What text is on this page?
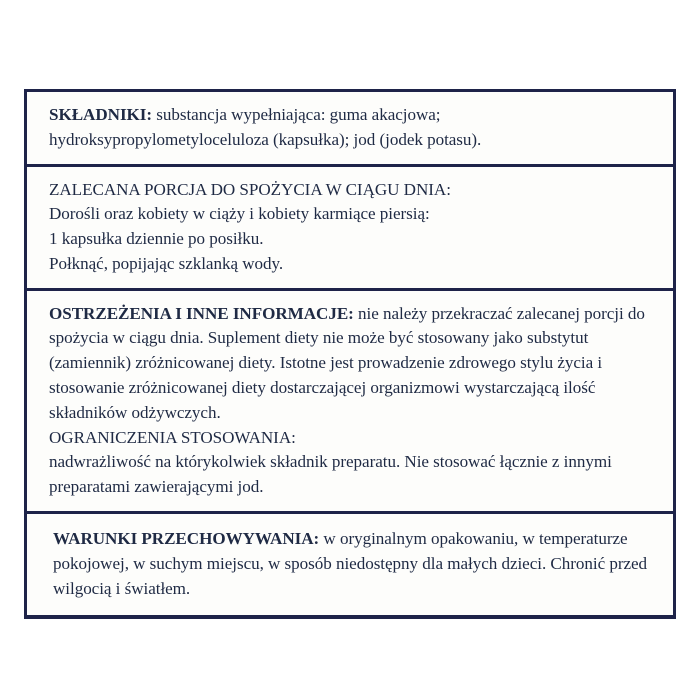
SKŁADNIKI: substancja wypełniająca: guma akacjowa;

hydroksypropylometyloceluloza (kapsułka); jod (jodek potasu).

ZALECANA PORCJA DO SPOŻYCIA W CIĄGU DNIA:

Dorośli oraz kobiety w ciąży i kobiety karmiące piersią:

1 kapsułka dziennie po posiłku.

Połknąć, popijając szklanką wody.

OSTRZEŻENIA I INNE INFORMACJE: nie należy przekraczać zalecanej porcji do spożycia w ciągu dnia. Suplement diety nie może być stosowany jako substytut (zamiennik) zróżnicowanej diety. Istotne jest prowadzenie zdrowego stylu życia i stosowanie zróżnicowanej diety dostarczającej organizmowi wystarczającą ilość składników odżywczych.

OGRANICZENIA STOSOWANIA:

nadwrażliwość na którykolwiek składnik preparatu. Nie stosować łącznie z innymi preparatami zawierającymi jod.

WARUNKI PRZECHOWYWANIA: w oryginalnym opakowaniu, w temperaturze pokojowej, w suchym miejscu, w sposób niedostępny dla małych dzieci. Chronić przed wilgocią i światłem.
